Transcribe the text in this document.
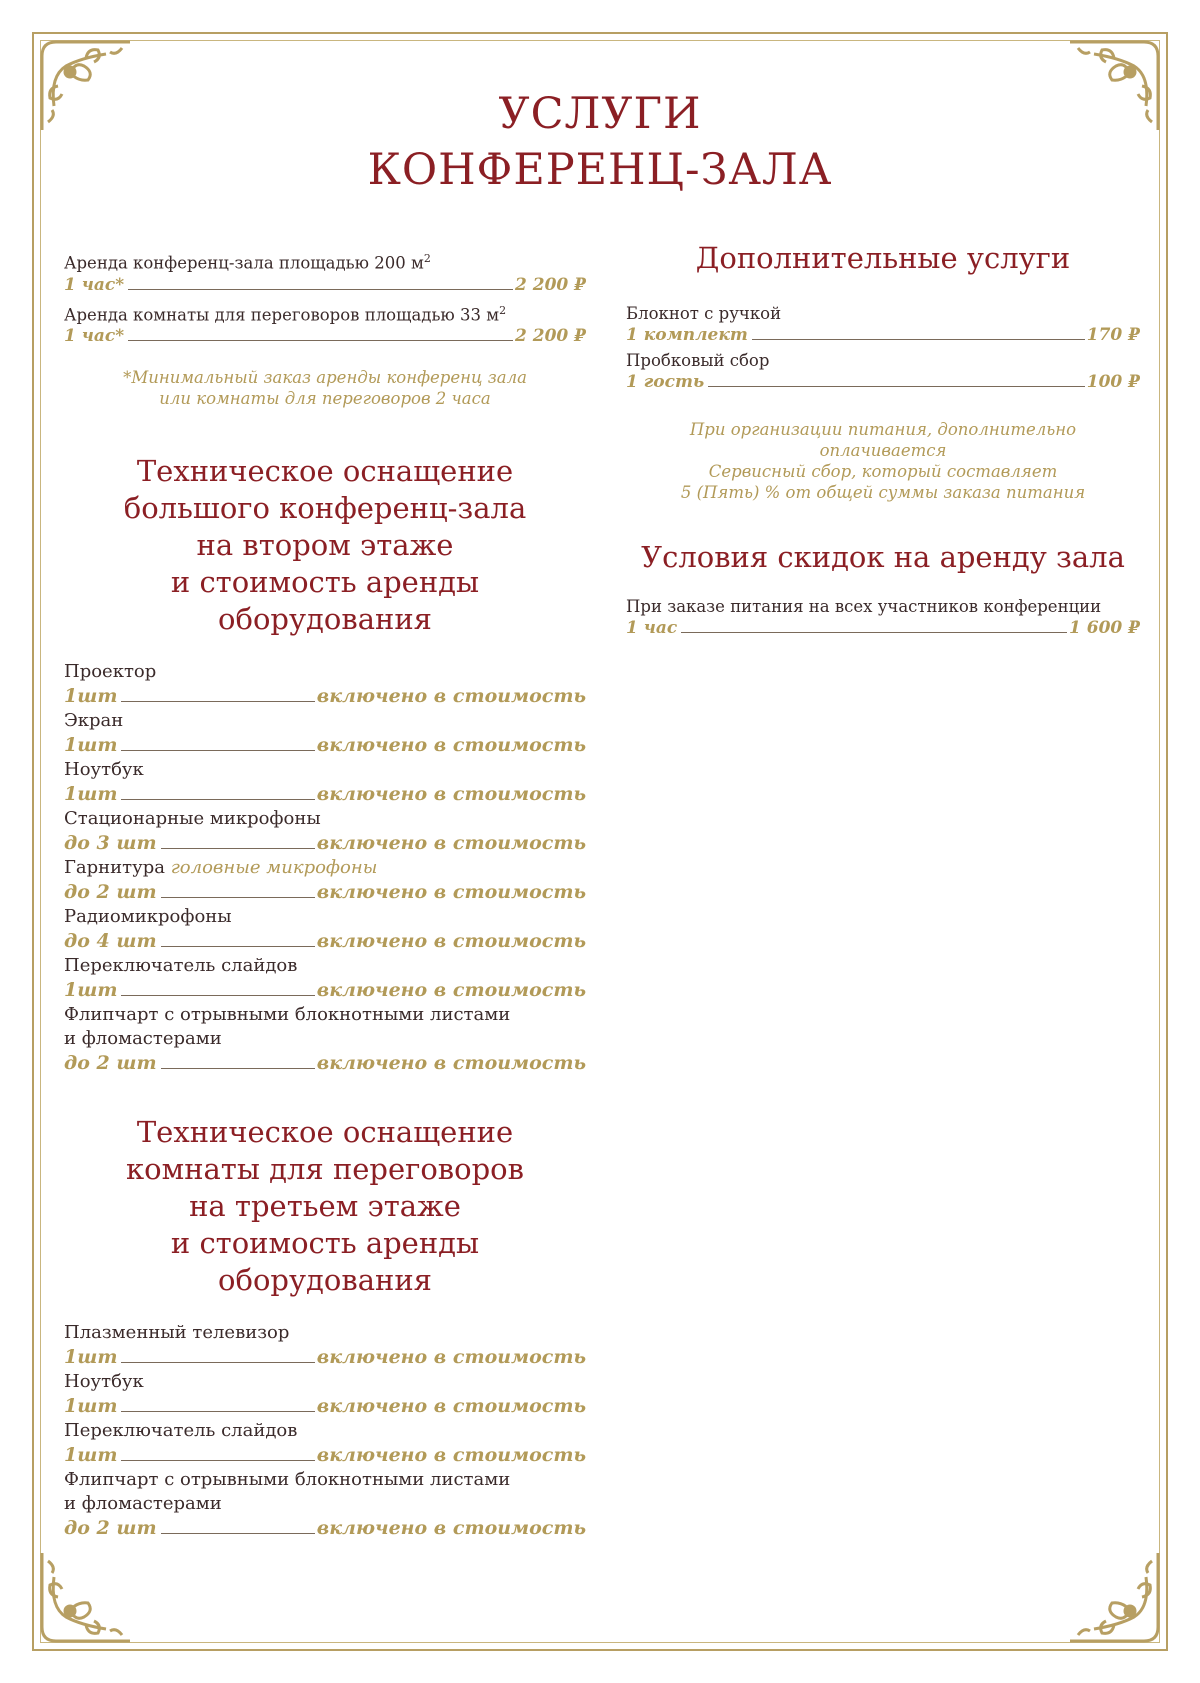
УСЛУГИ
КОНФЕРЕНЦ-ЗАЛА
Аренда конференц-зала площадью 200 $м^2$
1 час*	2 200 ₽
Аренда комнаты для переговоров площадью 33 $м^2$
1 час*	2 200 ₽
*Минимальный заказ аренды конференц зала
или комнаты для переговоров 2 часа
Техническое оснащение
большого конференц-зала
на втором этаже
и стоимость аренды оборудования
Проектор
1шт	включено в стоимость
Экран
1шт	включено в стоимость
Ноутбук
1шт	включено в стоимость
Стационарные микрофоны
до 3 шт	включено в стоимость
Гарнитура головные микрофоны
до 2 шт	включено в стоимость
Радиомикрофоны
до 4 шт	включено в стоимость
Переключатель слайдов
1шт	включено в стоимость
Флипчарт с отрывными блокнотными листами
и фломастерами
до 2 шт	включено в стоимость
Техническое оснащение
комнаты для переговоров
на третьем этаже
и стоимость аренды оборудования
Плазменный телевизор
1шт	включено в стоимость
Ноутбук
1шт	включено в стоимость
Переключатель слайдов
1шт	включено в стоимость
Флипчарт с отрывными блокнотными листами
и фломастерами
до 2 шт	включено в стоимость
Дополнительные услуги
Блокнот с ручкой
1 комплект	170 ₽
Пробковый сбор
1 гость	100 ₽
При организации питания, дополнительно оплачивается
Сервисный сбор, который составляет
5 (Пять) % от общей суммы заказа питания
Условия скидок на аренду зала
При заказе питания на всех участников конференции
1 час	1 600 ₽
